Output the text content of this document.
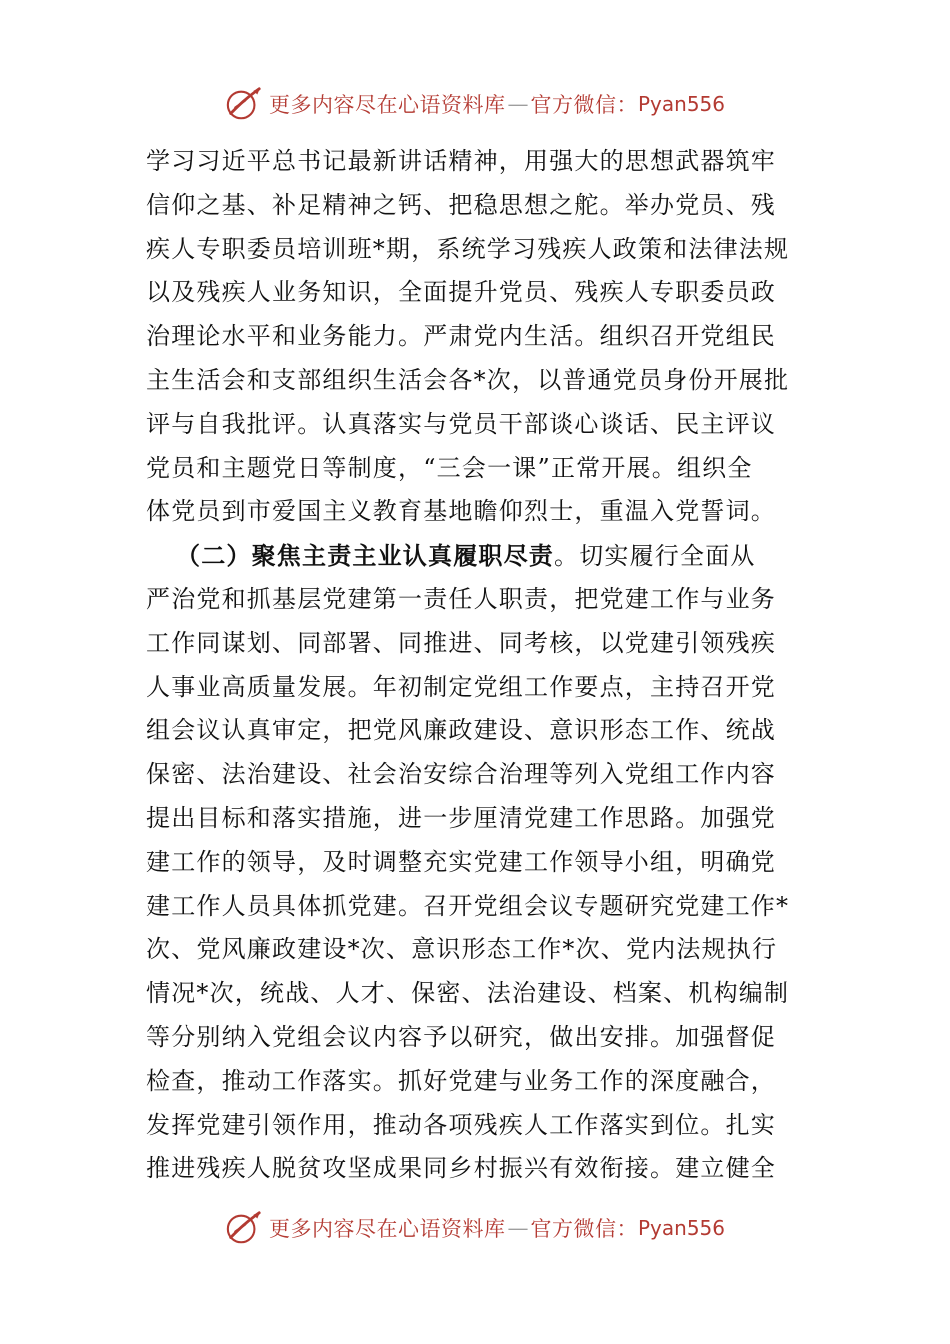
更多内容尽在心语资料库 — 官方微信： Pyan556
学习习近平总书记最新讲话精神，用强大的思想武器筑牢
信仰之基、补足精神之钙、把稳思想之舵。举办党员、残
疾人专职委员培训班*期，系统学习残疾人政策和法律法规
以及残疾人业务知识，全面提升党员、残疾人专职委员政
治理论水平和业务能力。严肃党内生活。组织召开党组民
主生活会和支部组织生活会各*次，以普通党员身份开展批
评与自我批评。认真落实与党员干部谈心谈话、民主评议
党员和主题党日等制度，“三会一课”正常开展。组织全
体党员到市爱国主义教育基地瞻仰烈士，重温入党誓词。
（二）聚焦主责主业认真履职尽责。切实履行全面从
严治党和抓基层党建第一责任人职责，把党建工作与业务
工作同谋划、同部署、同推进、同考核，以党建引领残疾
人事业高质量发展。年初制定党组工作要点，主持召开党
组会议认真审定，把党风廉政建设、意识形态工作、统战
保密、法治建设、社会治安综合治理等列入党组工作内容
提出目标和落实措施，进一步厘清党建工作思路。加强党
建工作的领导，及时调整充实党建工作领导小组，明确党
建工作人员具体抓党建。召开党组会议专题研究党建工作*
次、党风廉政建设*次、意识形态工作*次、党内法规执行
情况*次，统战、人才、保密、法治建设、档案、机构编制
等分别纳入党组会议内容予以研究，做出安排。加强督促
检查，推动工作落实。抓好党建与业务工作的深度融合，
发挥党建引领作用，推动各项残疾人工作落实到位。扎实
推进残疾人脱贫攻坚成果同乡村振兴有效衔接。建立健全
更多内容尽在心语资料库 — 官方微信： Pyan556
